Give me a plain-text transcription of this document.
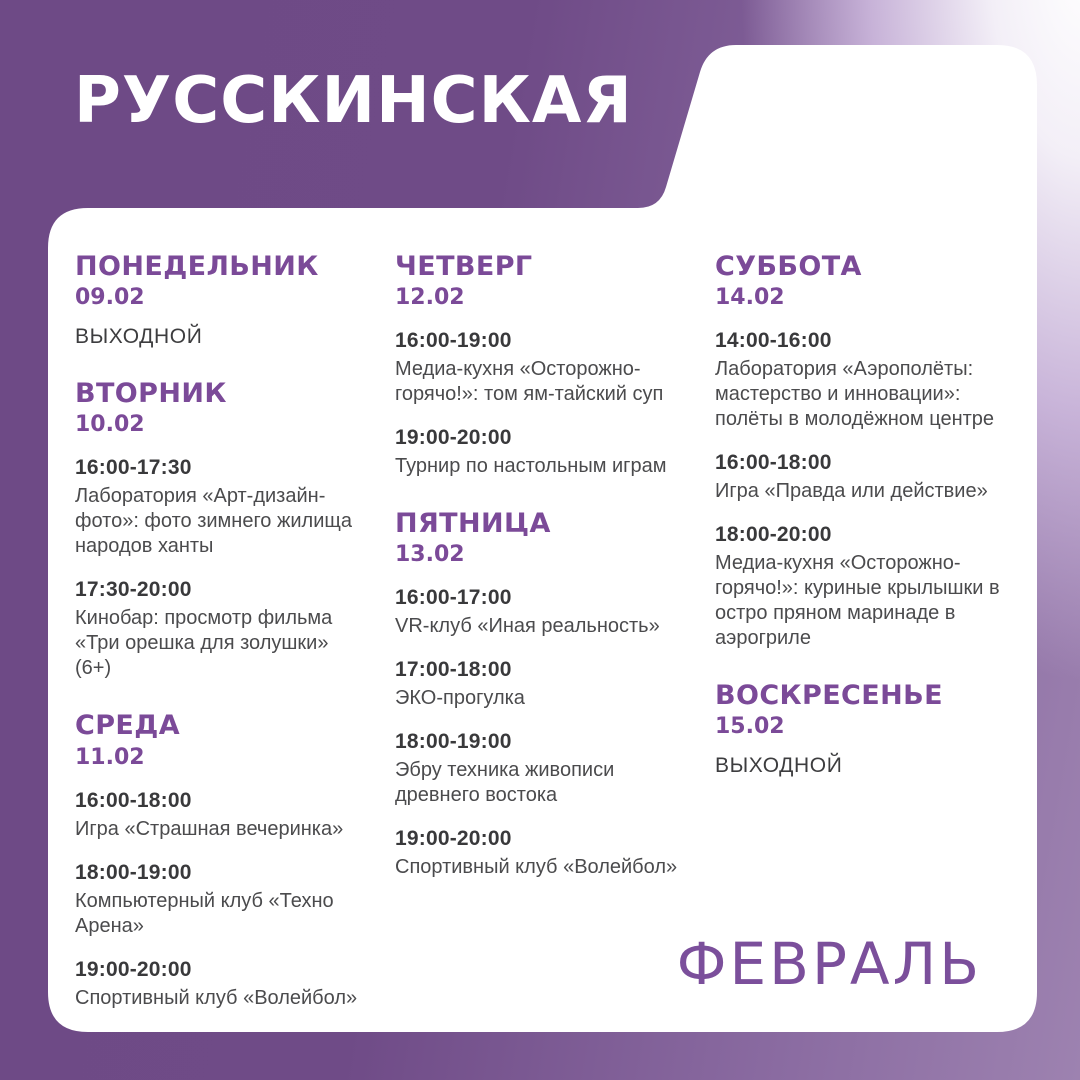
РУССКИНСКАЯ
ПОНЕДЕЛЬНИК
09.02
ВЫХОДНОЙ
ВТОРНИК
10.02
16:00-17:30
Лаборатория «Арт-дизайн-фото»: фото зимнего жилища народов ханты
17:30-20:00
Кинобар: просмотр фильма «Три орешка для золушки» (6+)
СРЕДА
11.02
16:00-18:00
Игра «Страшная вечеринка»
18:00-19:00
Компьютерный клуб «Техно Арена»
19:00-20:00
Спортивный клуб «Волейбол»
ЧЕТВЕРГ
12.02
16:00-19:00
Медиа-кухня «Осторожно-горячо!»: том ям-тайский суп
19:00-20:00
Турнир по настольным играм
ПЯТНИЦА
13.02
16:00-17:00
VR-клуб «Иная реальность»
17:00-18:00
ЭКО-прогулка
18:00-19:00
Эбру техника живописи древнего востока
19:00-20:00
Спортивный клуб «Волейбол»
СУББОТА
14.02
14:00-16:00
Лаборатория «Аэрополёты: мастерство и инновации»: полёты в молодёжном центре
16:00-18:00
Игра «Правда или действие»
18:00-20:00
Медиа-кухня «Осторожно-горячо!»: куриные крылышки в остро пряном маринаде в аэрогриле
ВОСКРЕСЕНЬЕ
15.02
ВЫХОДНОЙ
ФЕВРАЛЬ
